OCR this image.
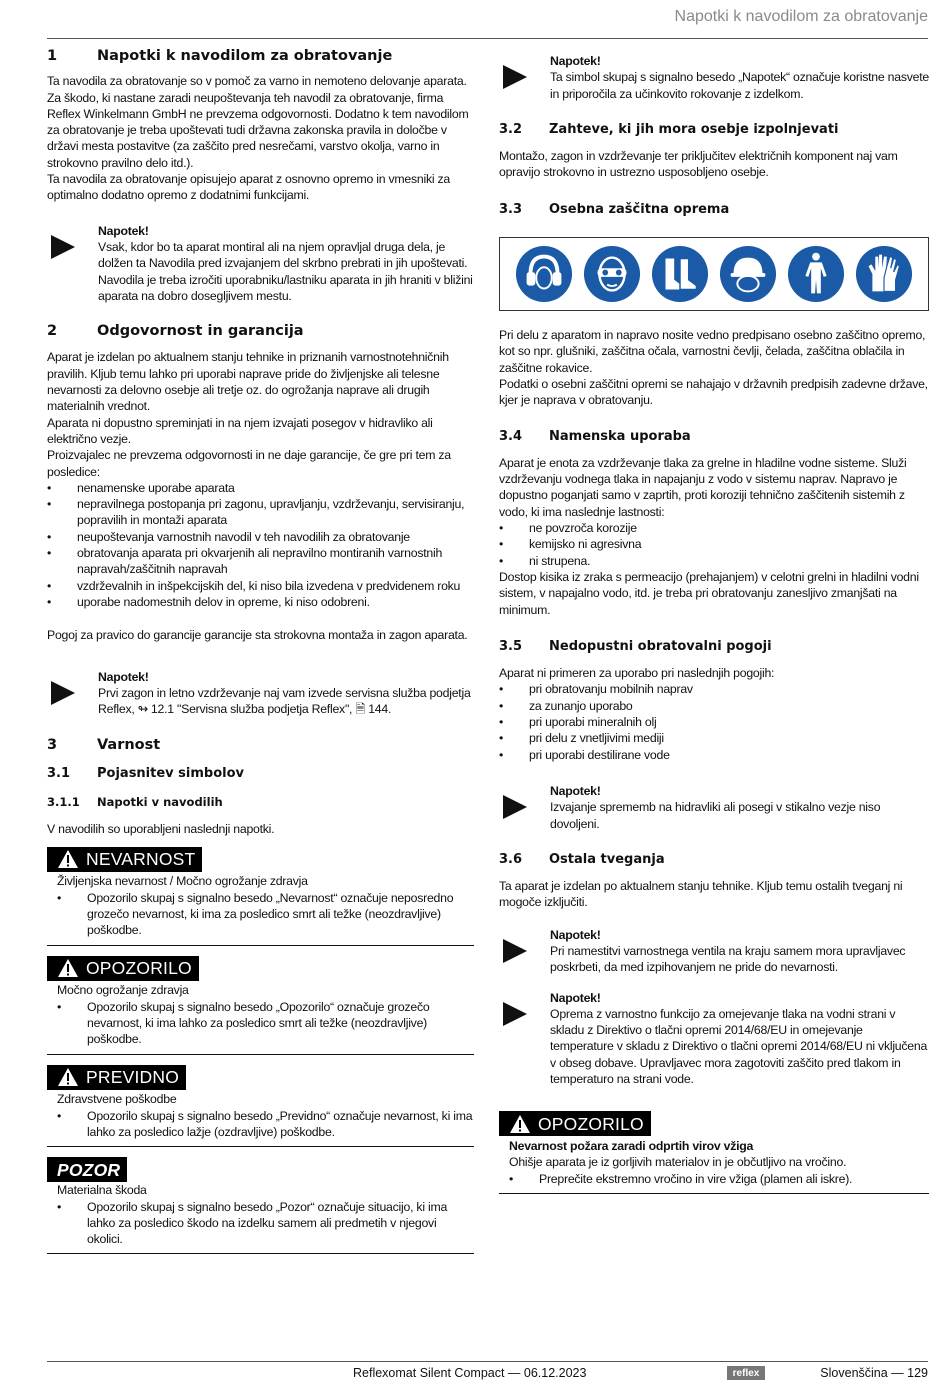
Napotki k navodilom za obratovanje
1	Napotki k navodilom za obratovanje

Ta navodila za obratovanje so v pomoč za varno in nemoteno delovanje aparata. Za škodo, ki nastane zaradi neupoštevanja teh navodil za obratovanje, firma Reflex Winkelmann GmbH ne prevzema odgovornosti. Dodatno k tem navodilom za obratovanje je treba upoštevati tudi državna zakonska pravila in določbe v državi mesta postavitve (za zaščito pred nesrečami, varstvo okolja, varno in strokovno pravilno delo itd.).

Ta navodila za obratovanje opisujejo aparat z osnovno opremo in vmesniki za optimalno dodatno opremo z dodatnimi funkcijami.

Napotek!
Vsak, kdor bo ta aparat montiral ali na njem opravljal druga dela, je dolžen ta Navodila pred izvajanjem del skrbno prebrati in jih upoštevati. Navodila je treba izročiti uporabniku/lastniku aparata in jih hraniti v bližini aparata na dobro dosegljivem mestu.
2	Odgovornost in garancija

Aparat je izdelan po aktualnem stanju tehnike in priznanih varnostnotehničnih pravilih. Kljub temu lahko pri uporabi naprave pride do življenjske ali telesne nevarnosti za delovno osebje ali tretje oz. do ogrožanja naprave ali drugih materialnih vrednot.

Aparata ni dopustno spreminjati in na njem izvajati posegov v hidravliko ali električno vezje.

Proizvajalec ne prevzema odgovornosti in ne daje garancije, če gre pri tem za posledice:

• nenamenske uporabe aparata
• nepravilnega postopanja pri zagonu, upravljanju, vzdrževanju, servisiranju, popravilih in montaži aparata
• neupoštevanja varnostnih navodil v teh navodilih za obratovanje
• obratovanja aparata pri okvarjenih ali nepravilno montiranih varnostnih napravah/zaščitnih napravah
• vzdrževalnih in inšpekcijskih del, ki niso bila izvedena v predvidenem roku
• uporabe nadomestnih delov in opreme, ki niso odobreni.

Pogoj za pravico do garancije garancije sta strokovna montaža in zagon aparata.

Napotek!
Prvi zagon in letno vzdrževanje naj vam izvede servisna služba podjetja
Reflex, ↬ 12.1 "Servisna služba podjetja Reflex", 🗎 144.
3	Varnost
3.1	Pojasnitev simbolov
3.1.1	Napotki v navodilih

V navodilih so uporabljeni naslednji napotki.

NEVARNOST
Življenjska nevarnost / Močno ogrožanje zdravja
• Opozorilo skupaj s signalno besedo „Nevarnost“ označuje neposredno grozečo nevarnost, ki ima za posledico smrt ali težke (neozdravljive) poškodbe.
OPOZORILO
Močno ogrožanje zdravja
• Opozorilo skupaj s signalno besedo „Opozorilo“ označuje grozečo nevarnost, ki ima lahko za posledico smrt ali težke (neozdravljive) poškodbe.
PREVIDNO
Zdravstvene poškodbe
• Opozorilo skupaj s signalno besedo „Previdno“ označuje nevarnost, ki ima lahko za posledico lažje (ozdravljive) poškodbe.
POZOR
Materialna škoda
• Opozorilo skupaj s signalno besedo „Pozor“ označuje situacijo, ki ima lahko za posledico škodo na izdelku samem ali predmetih v njegovi okolici.
Napotek!
Ta simbol skupaj s signalno besedo „Napotek“ označuje koristne nasvete in priporočila za učinkovito rokovanje z izdelkom.
3.2	Zahteve, ki jih mora osebje izpolnjevati

Montažo, zagon in vzdrževanje ter priključitev električnih komponent naj vam opravijo strokovno in ustrezno usposobljeno osebje.

3.3	Osebna zaščitna oprema

Pri delu z aparatom in napravo nosite vedno predpisano osebno zaščitno opremo, kot so npr. glušniki, zaščitna očala, varnostni čevlji, čelada, zaščitna oblačila in zaščitne rokavice.

Podatki o osebni zaščitni opremi se nahajajo v državnih predpisih zadevne države, kjer je naprava v obratovanju.

3.4	Namenska uporaba

Aparat je enota za vzdrževanje tlaka za grelne in hladilne vodne sisteme. Služi vzdrževanju vodnega tlaka in napajanju z vodo v sistemu naprav. Napravo je dopustno poganjati samo v zaprtih, proti koroziji tehnično zaščitenih sistemih z vodo, ki ima naslednje lastnosti:

• ne povzroča korozije
• kemijsko ni agresivna
• ni strupena.

Dostop kisika iz zraka s permeacijo (prehajanjem) v celotni grelni in hladilni vodni sistem, v napajalno vodo, itd. je treba pri obratovanju zanesljivo zmanjšati na minimum.

3.5	Nedopustni obratovalni pogoji

Aparat ni primeren za uporabo pri naslednjih pogojih:

• pri obratovanju mobilnih naprav
• za zunanjo uporabo
• pri uporabi mineralnih olj
• pri delu z vnetljivimi mediji
• pri uporabi destilirane vode
Napotek!
Izvajanje sprememb na hidravliki ali posegi v stikalno vezje niso dovoljeni.
3.6	Ostala tveganja

Ta aparat je izdelan po aktualnem stanju tehnike. Kljub temu ostalih tveganj ni mogoče izključiti.

Napotek!
Pri namestitvi varnostnega ventila na kraju samem mora upravljavec poskrbeti, da med izpihovanjem ne pride do nevarnosti.
Napotek!
Oprema z varnostno funkcijo za omejevanje tlaka na vodni strani v skladu z Direktivo o tlačni opremi 2014/68/EU in omejevanje temperature v skladu z Direktivo o tlačni opremi 2014/68/EU ni vključena v obseg dobave. Upravljavec mora zagotoviti zaščito pred tlakom in temperaturo na strani vode.
OPOZORILO
Nevarnost požara zaradi odprtih virov vžiga
Ohišje aparata je iz gorljivih materialov in je občutljivo na vročino.
• Preprečite ekstremno vročino in vire vžiga (plamen ali iskre).
Reflexomat Silent Compact — 06.12.2023	reflex	Slovenščina — 129
